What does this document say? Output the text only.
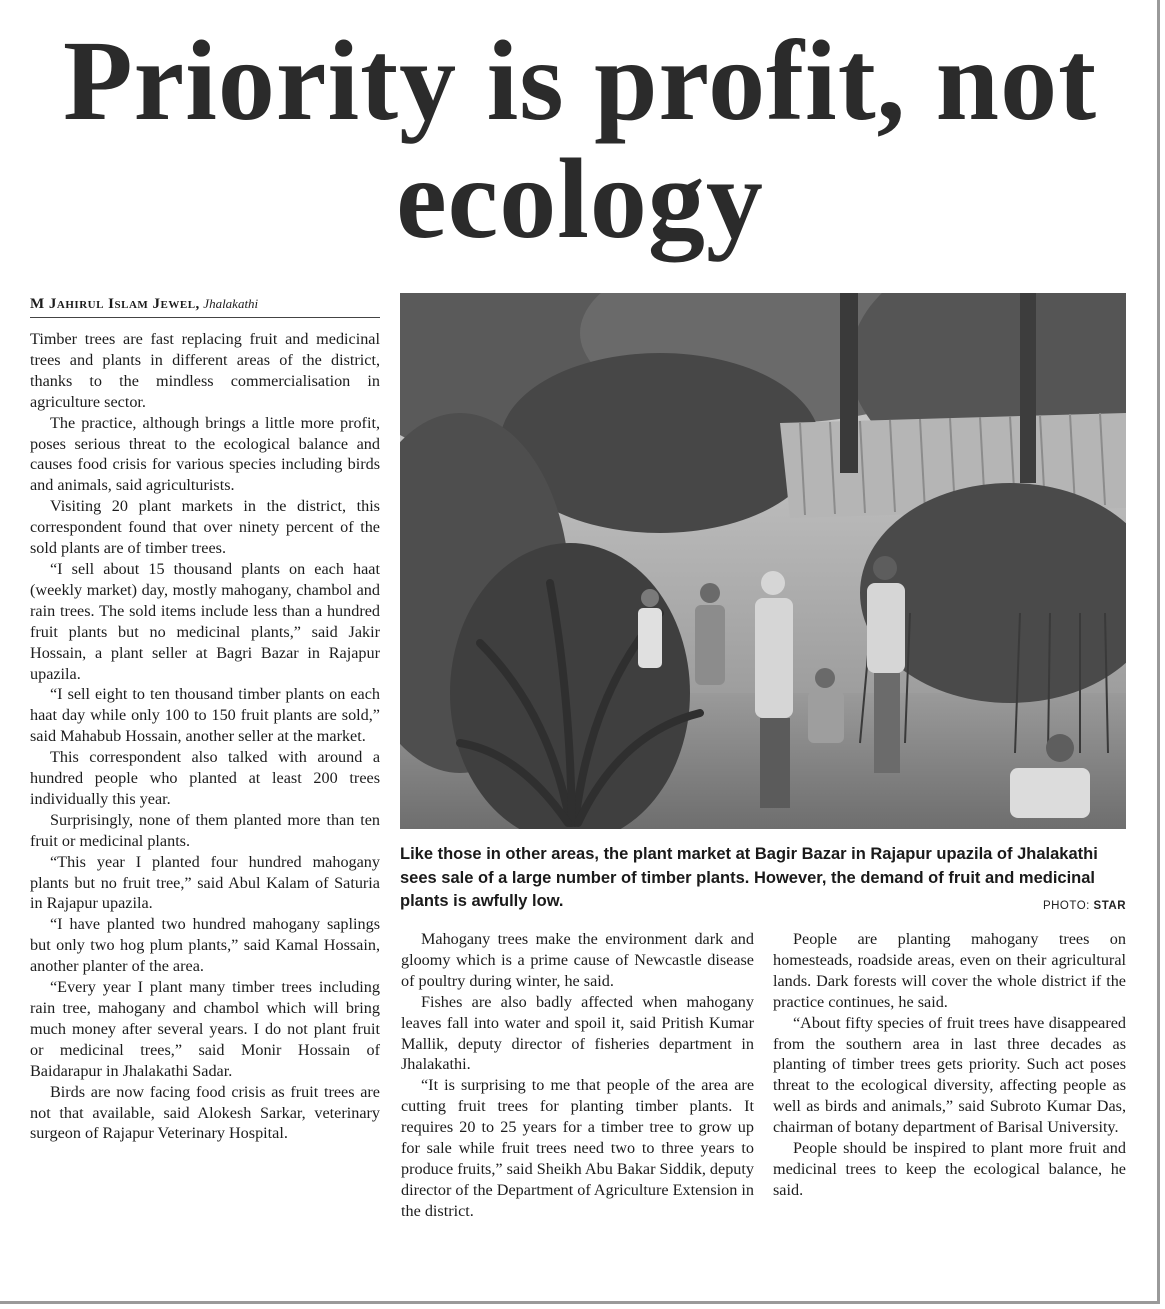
Priority is profit, not ecology
M Jahirul Islam Jewel, Jhalakathi

Timber trees are fast replacing fruit and medicinal trees and plants in different areas of the district, thanks to the mindless commercialisation in agriculture sector.

The practice, although brings a little more profit, poses serious threat to the ecological balance and causes food crisis for various species including birds and animals, said agriculturists.

Visiting 20 plant markets in the district, this correspondent found that over ninety percent of the sold plants are of timber trees.

“I sell about 15 thousand plants on each haat (weekly market) day, mostly mahogany, chambol and rain trees. The sold items include less than a hundred fruit plants but no medicinal plants,” said Jakir Hossain, a plant seller at Bagri Bazar in Rajapur upazila.

“I sell eight to ten thousand timber plants on each haat day while only 100 to 150 fruit plants are sold,” said Mahabub Hossain, another seller at the market.

This correspondent also talked with around a hundred people who planted at least 200 trees individually this year.

Surprisingly, none of them planted more than ten fruit or medicinal plants.

“This year I planted four hundred mahogany plants but no fruit tree,” said Abul Kalam of Saturia in Rajapur upazila.

“I have planted two hundred mahogany saplings but only two hog plum plants,” said Kamal Hossain, another planter of the area.

“Every year I plant many timber trees including rain tree, mahogany and chambol which will bring much money after several years. I do not plant fruit or medicinal trees,” said Monir Hossain of Baidarapur in Jhalakathi Sadar.

Birds are now facing food crisis as fruit trees are not that available, said Alokesh Sarkar, veterinary surgeon of Rajapur Veterinary Hospital.

Like those in other areas, the plant market at Bagir Bazar in Rajapur upazila of Jhalakathi sees sale of a large number of timber plants. However, the demand of fruit and medicinal plants is awfully low.	PHOTO: STAR

Mahogany trees make the environment dark and gloomy which is a prime cause of Newcastle disease of poultry during winter, he said.

Fishes are also badly affected when mahogany leaves fall into water and spoil it, said Pritish Kumar Mallik, deputy director of fisheries department in Jhalakathi.

“It is surprising to me that people of the area are cutting fruit trees for planting timber plants. It requires 20 to 25 years for a timber tree to grow up for sale while fruit trees need two to three years to produce fruits,” said Sheikh Abu Bakar Siddik, deputy director of the Department of Agriculture Extension in the district.

People are planting mahogany trees on homesteads, roadside areas, even on their agricultural lands. Dark forests will cover the whole district if the practice continues, he said.

“About fifty species of fruit trees have disappeared from the southern area in last three decades as planting of timber trees gets priority. Such act poses threat to the ecological diversity, affecting people as well as birds and animals,” said Subroto Kumar Das, chairman of botany department of Barisal University.

People should be inspired to plant more fruit and medicinal trees to keep the ecological balance, he said.
